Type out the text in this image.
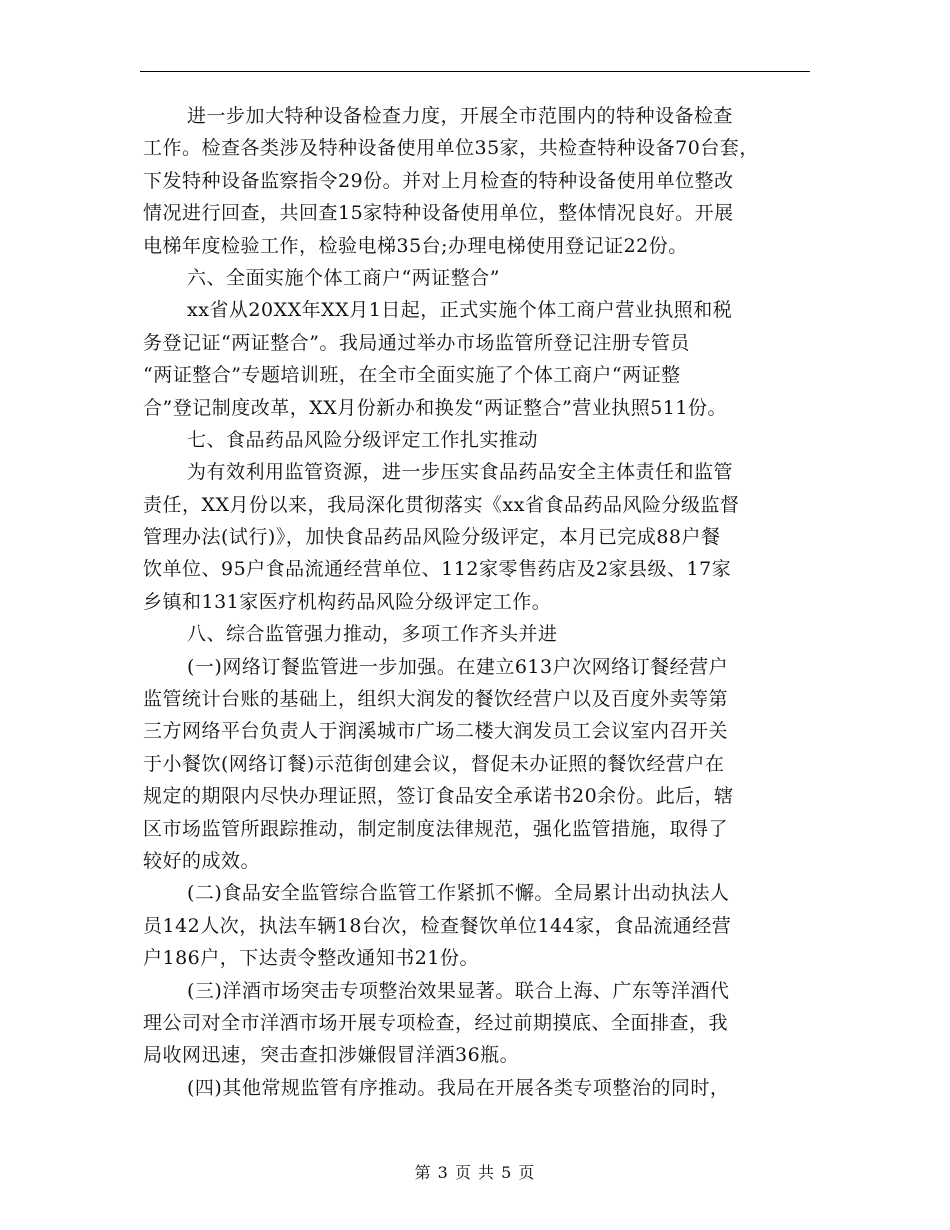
进一步加大特种设备检查力度，开展全市范围内的特种设备检查
工作。检查各类涉及特种设备使用单位35家，共检查特种设备70台套，
下发特种设备监察指令29份。并对上月检查的特种设备使用单位整改
情况进行回查，共回查15家特种设备使用单位，整体情况良好。开展
电梯年度检验工作，检验电梯35台;办理电梯使用登记证22份。
六、全面实施个体工商户“两证整合”
xx省从20XX年XX月1日起，正式实施个体工商户营业执照和税
务登记证“两证整合”。我局通过举办市场监管所登记注册专管员
“两证整合”专题培训班，在全市全面实施了个体工商户“两证整
合”登记制度改革，XX月份新办和换发“两证整合”营业执照511份。
七、食品药品风险分级评定工作扎实推动
为有效利用监管资源，进一步压实食品药品安全主体责任和监管
责任，XX月份以来，我局深化贯彻落实《xx省食品药品风险分级监督
管理办法(试行)》，加快食品药品风险分级评定，本月已完成88户餐
饮单位、95户食品流通经营单位、112家零售药店及2家县级、17家
乡镇和131家医疗机构药品风险分级评定工作。
八、综合监管强力推动，多项工作齐头并进
(一)网络订餐监管进一步加强。在建立613户次网络订餐经营户
监管统计台账的基础上，组织大润发的餐饮经营户以及百度外卖等第
三方网络平台负责人于润溪城市广场二楼大润发员工会议室内召开关
于小餐饮(网络订餐)示范街创建会议，督促未办证照的餐饮经营户在
规定的期限内尽快办理证照，签订食品安全承诺书20余份。此后，辖
区市场监管所跟踪推动，制定制度法律规范，强化监管措施，取得了
较好的成效。
(二)食品安全监管综合监管工作紧抓不懈。全局累计出动执法人
员142人次，执法车辆18台次，检查餐饮单位144家，食品流通经营
户186户，下达责令整改通知书21份。
(三)洋酒市场突击专项整治效果显著。联合上海、广东等洋酒代
理公司对全市洋酒市场开展专项检查，经过前期摸底、全面排查，我
局收网迅速，突击查扣涉嫌假冒洋酒36瓶。
(四)其他常规监管有序推动。我局在开展各类专项整治的同时，
第 3 页 共 5 页
